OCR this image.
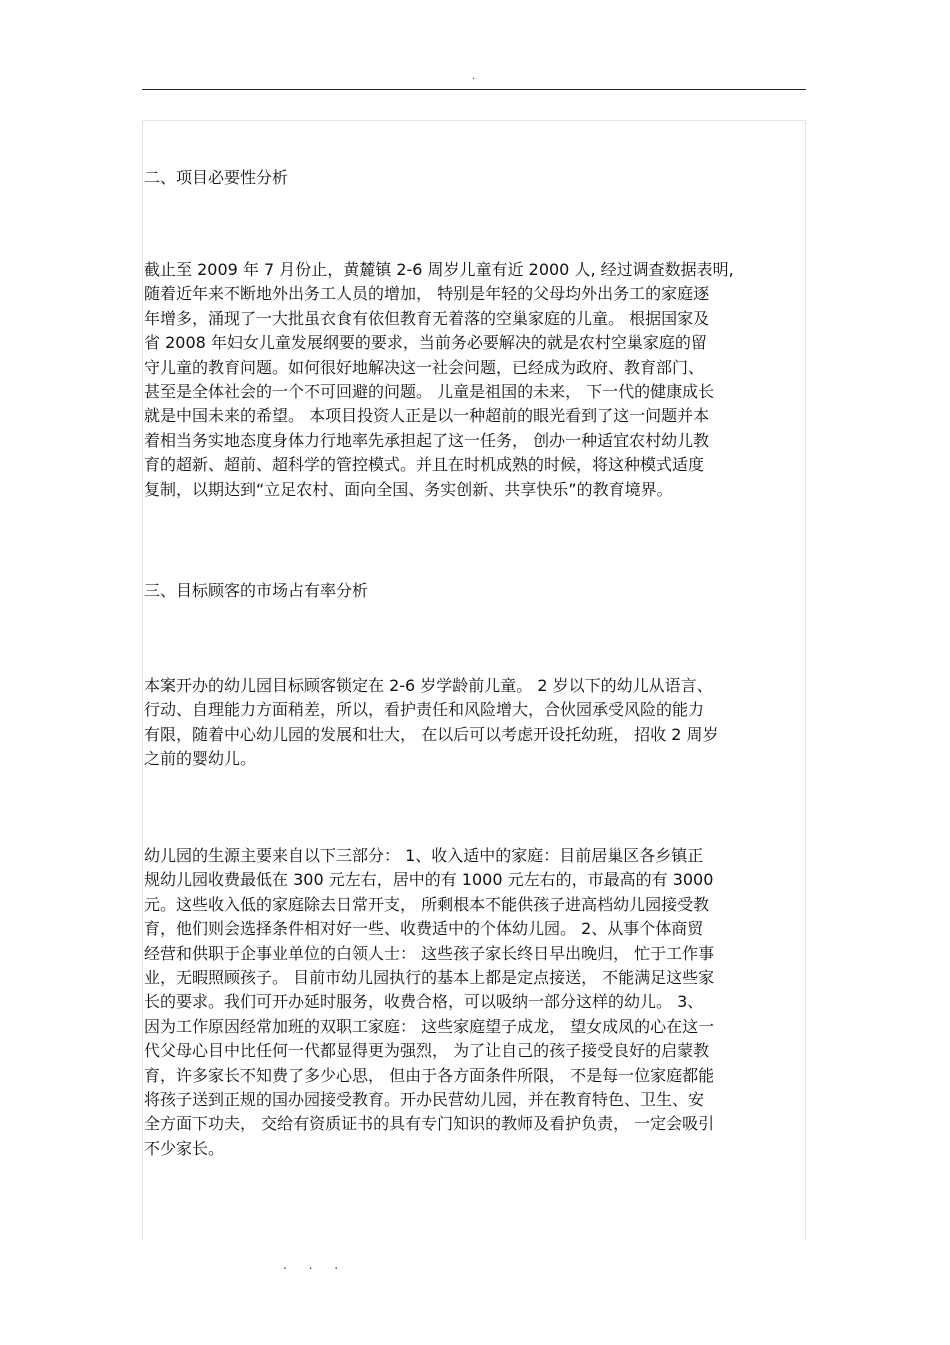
.
二、项目必要性分析
截止至 2009 年 7 月份止，黄麓镇 2-6 周岁儿童有近 2000 人, 经过调查数据表明,
随着近年来不断地外出务工人员的增加， 特别是年轻的父母均外出务工的家庭逐
年增多，涌现了一大批虽衣食有依但教育无着落的空巢家庭的儿童。 根据国家及
省 2008 年妇女儿童发展纲要的要求，当前务必要解决的就是农村空巢家庭的留
守儿童的教育问题。如何很好地解决这一社会问题，已经成为政府、教育部门、
甚至是全体社会的一个不可回避的问题。 儿童是祖国的未来， 下一代的健康成长
就是中国未来的希望。 本项目投资人正是以一种超前的眼光看到了这一问题并本
着相当务实地态度身体力行地率先承担起了这一任务， 创办一种适宜农村幼儿教
育的超新、超前、超科学的管控模式。并且在时机成熟的时候，将这种模式适度
复制，以期达到“立足农村、面向全国、务实创新、共享快乐”的教育境界。
三、目标顾客的市场占有率分析
本案开办的幼儿园目标顾客锁定在 2-6 岁学龄前儿童。 2 岁以下的幼儿从语言、
行动、自理能力方面稍差，所以，看护责任和风险增大，合伙园承受风险的能力
有限，随着中心幼儿园的发展和壮大， 在以后可以考虑开设托幼班， 招收 2 周岁
之前的婴幼儿。
幼儿园的生源主要来自以下三部分： 1、收入适中的家庭：目前居巢区各乡镇正
规幼儿园收费最低在 300 元左右，居中的有 1000 元左右的，市最高的有 3000
元。这些收入低的家庭除去日常开支， 所剩根本不能供孩子进高档幼儿园接受教
育，他们则会选择条件相对好一些、收费适中的个体幼儿园。 2、从事个体商贸
经营和供职于企事业单位的白领人士： 这些孩子家长终日早出晚归， 忙于工作事
业，无暇照顾孩子。 目前市幼儿园执行的基本上都是定点接送， 不能满足这些家
长的要求。我们可开办延时服务，收费合格，可以吸纳一部分这样的幼儿。 3、
因为工作原因经常加班的双职工家庭： 这些家庭望子成龙， 望女成凤的心在这一
代父母心目中比任何一代都显得更为强烈， 为了让自己的孩子接受良好的启蒙教
育，许多家长不知费了多少心思， 但由于各方面条件所限， 不是每一位家庭都能
将孩子送到正规的国办园接受教育。开办民营幼儿园，并在教育特色、卫生、安
全方面下功夫， 交给有资质证书的具有专门知识的教师及看护负责， 一定会吸引
不少家长。
. . .
